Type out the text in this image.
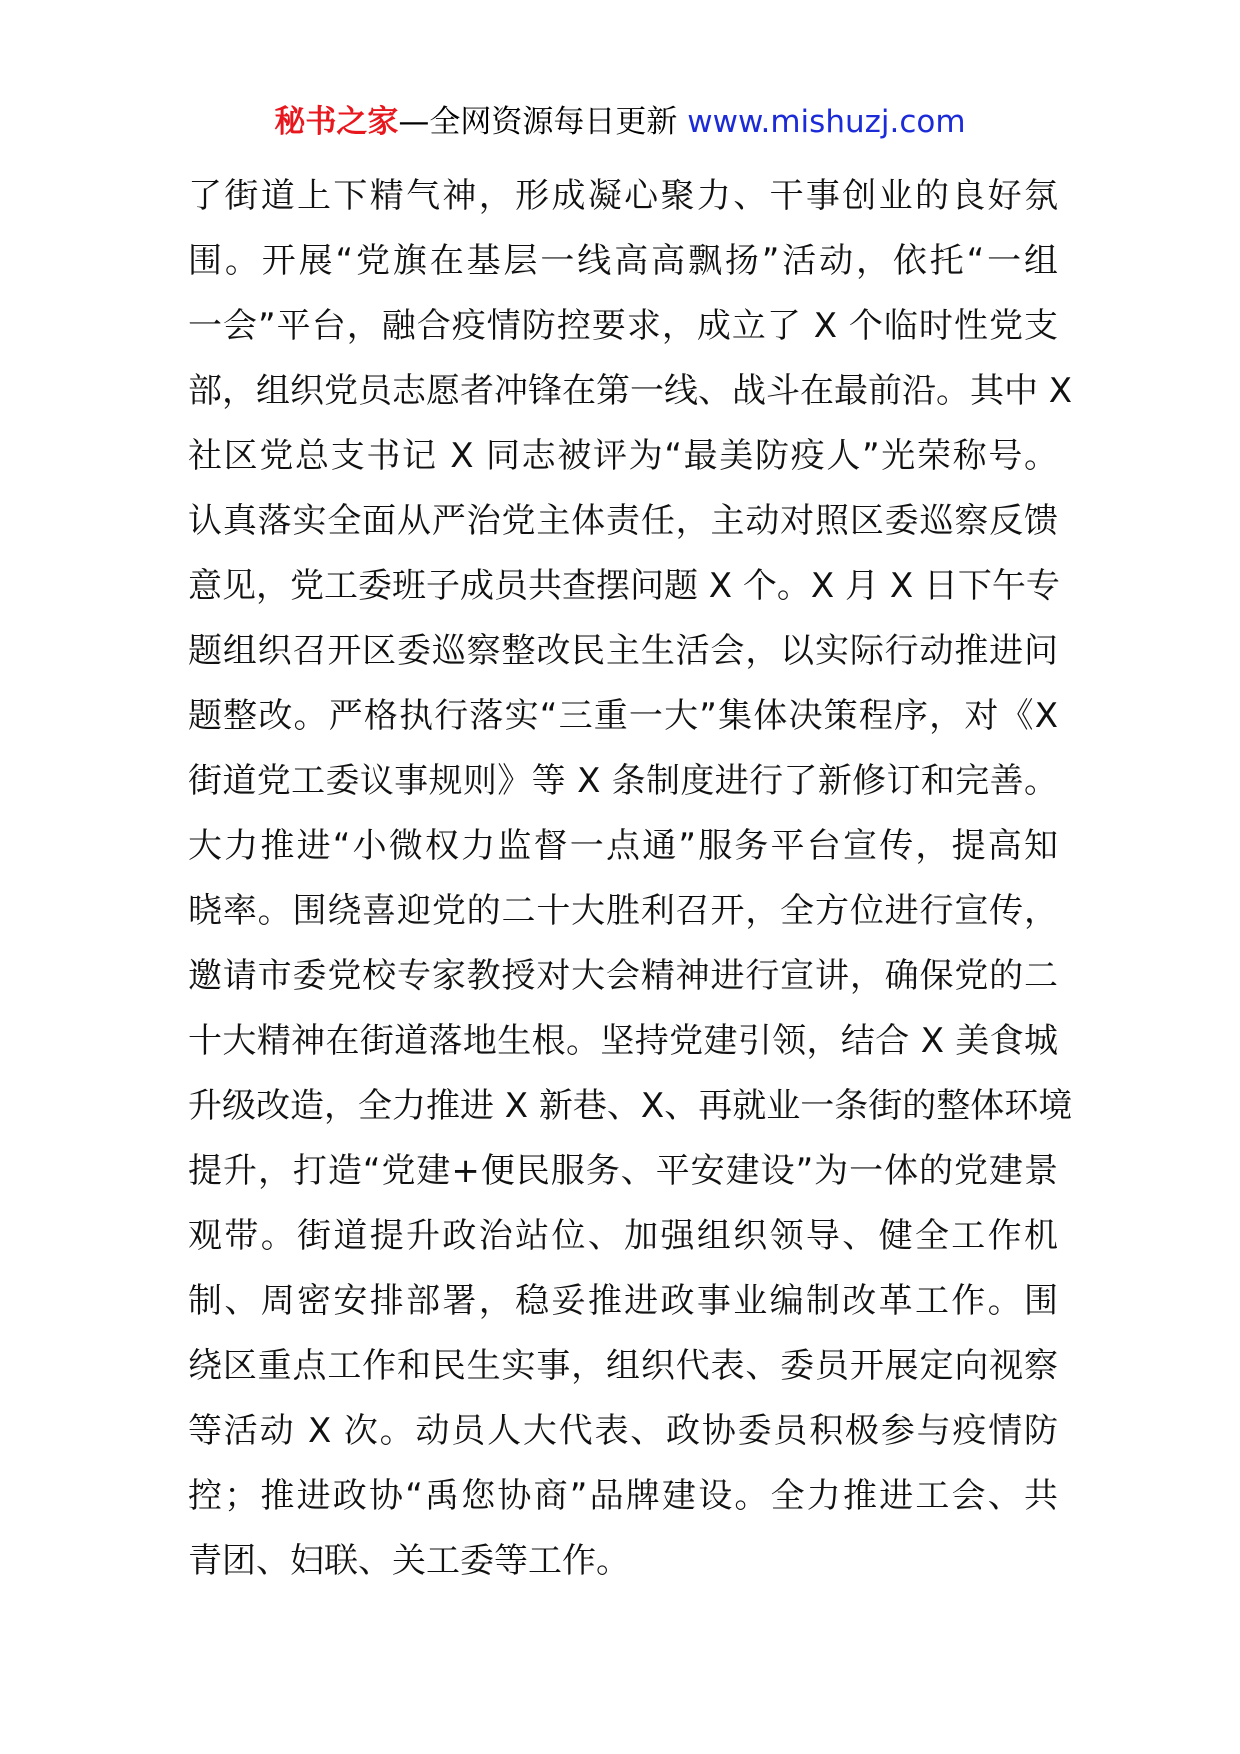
秘书之家—全网资源每日更新 www.mishuzj.com
了街道上下精气神，形成凝心聚力、干事创业的良好氛
围。开展“党旗在基层一线高高飘扬”活动，依托“一组
一会”平台，融合疫情防控要求，成立了 X 个临时性党支
部，组织党员志愿者冲锋在第一线、战斗在最前沿。其中 X
社区党总支书记 X 同志被评为“最美防疫人”光荣称号。
认真落实全面从严治党主体责任，主动对照区委巡察反馈
意见，党工委班子成员共查摆问题 X 个。X 月 X 日下午专
题组织召开区委巡察整改民主生活会，以实际行动推进问
题整改。严格执行落实“三重一大”集体决策程序，对《X
街道党工委议事规则》等 X 条制度进行了新修订和完善。
大力推进“小微权力监督一点通”服务平台宣传，提高知
晓率。围绕喜迎党的二十大胜利召开，全方位进行宣传，
邀请市委党校专家教授对大会精神进行宣讲，确保党的二
十大精神在街道落地生根。坚持党建引领，结合 X 美食城
升级改造，全力推进 X 新巷、X、再就业一条街的整体环境
提升，打造“党建+便民服务、平安建设”为一体的党建景
观带。街道提升政治站位、加强组织领导、健全工作机
制、周密安排部署，稳妥推进政事业编制改革工作。围
绕区重点工作和民生实事，组织代表、委员开展定向视察
等活动 X 次。动员人大代表、政协委员积极参与疫情防
控；推进政协“禹您协商”品牌建设。全力推进工会、共
青团、妇联、关工委等工作。
